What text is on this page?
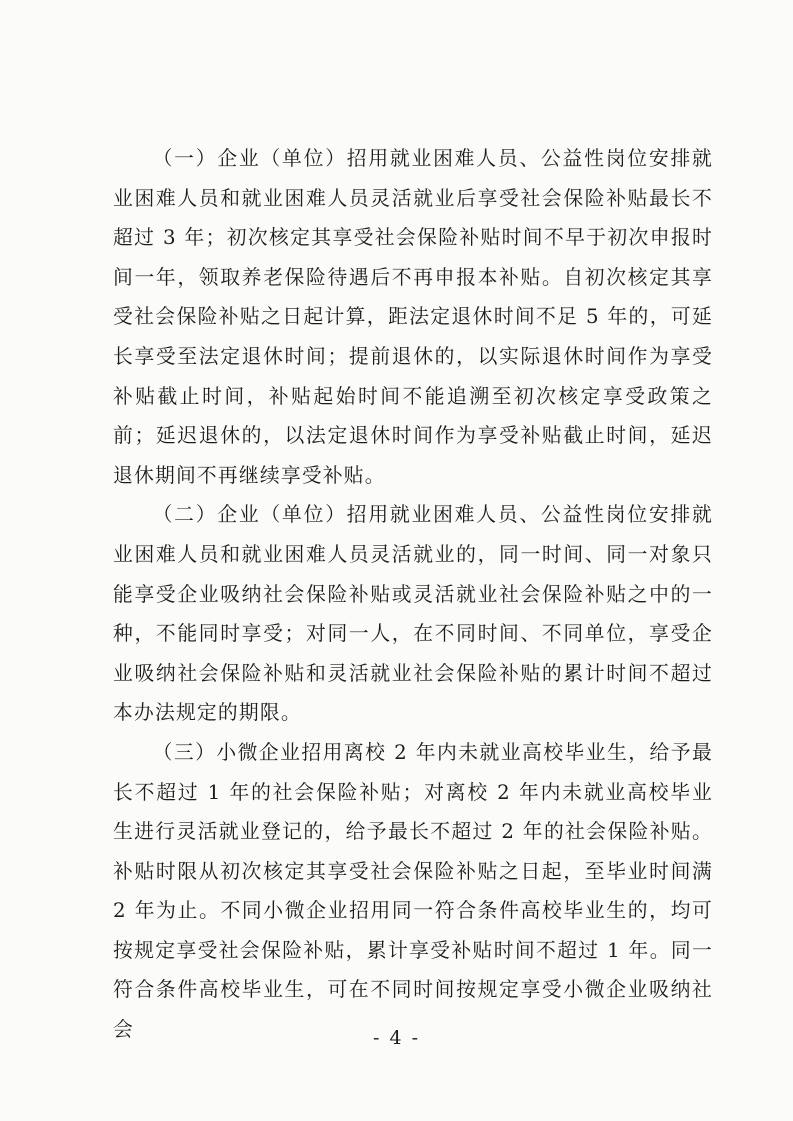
（一）企业（单位）招用就业困难人员、公益性岗位安排就业困难人员和就业困难人员灵活就业后享受社会保险补贴最长不超过 3 年；初次核定其享受社会保险补贴时间不早于初次申报时间一年，领取养老保险待遇后不再申报本补贴。自初次核定其享受社会保险补贴之日起计算，距法定退休时间不足 5 年的，可延长享受至法定退休时间；提前退休的，以实际退休时间作为享受补贴截止时间，补贴起始时间不能追溯至初次核定享受政策之前；延迟退休的，以法定退休时间作为享受补贴截止时间，延迟退休期间不再继续享受补贴。

（二）企业（单位）招用就业困难人员、公益性岗位安排就业困难人员和就业困难人员灵活就业的，同一时间、同一对象只能享受企业吸纳社会保险补贴或灵活就业社会保险补贴之中的一种，不能同时享受；对同一人，在不同时间、不同单位，享受企业吸纳社会保险补贴和灵活就业社会保险补贴的累计时间不超过本办法规定的期限。

（三）小微企业招用离校 2 年内未就业高校毕业生，给予最长不超过 1 年的社会保险补贴；对离校 2 年内未就业高校毕业生进行灵活就业登记的，给予最长不超过 2 年的社会保险补贴。补贴时限从初次核定其享受社会保险补贴之日起，至毕业时间满 2 年为止。不同小微企业招用同一符合条件高校毕业生的，均可按规定享受社会保险补贴，累计享受补贴时间不超过 1 年。同一符合条件高校毕业生，可在不同时间按规定享受小微企业吸纳社会	- 4 -
